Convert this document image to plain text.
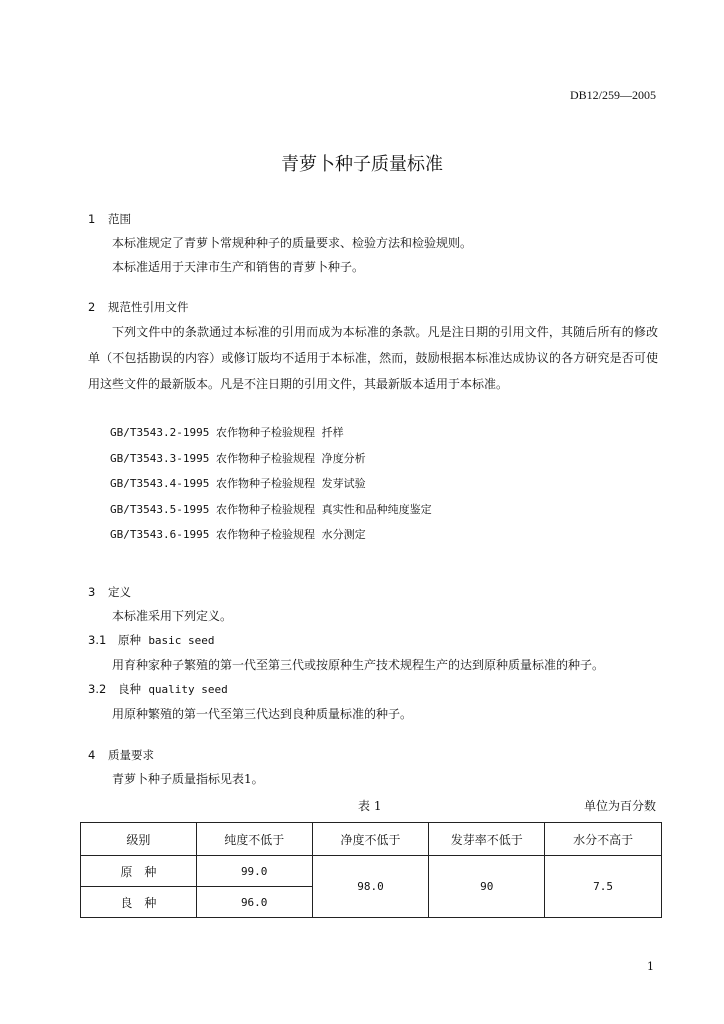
DB12/259—2005
青萝卜种子质量标准
1 范围
本标准规定了青萝卜常规种种子的质量要求、检验方法和检验规则。
本标准适用于天津市生产和销售的青萝卜种子。
2 规范性引用文件
下列文件中的条款通过本标准的引用而成为本标准的条款。凡是注日期的引用文件，其随后所有的修改单（不包括勘误的内容）或修订版均不适用于本标准，然而，鼓励根据本标准达成协议的各方研究是否可使用这些文件的最新版本。凡是不注日期的引用文件，其最新版本适用于本标准。
GB/T3543.2-1995 农作物种子检验规程 扦样
GB/T3543.3-1995 农作物种子检验规程 净度分析
GB/T3543.4-1995 农作物种子检验规程 发芽试验
GB/T3543.5-1995 农作物种子检验规程 真实性和品种纯度鉴定
GB/T3543.6-1995 农作物种子检验规程 水分测定
3 定义
本标准采用下列定义。
3.1 原种 basic seed
用育种家种子繁殖的第一代至第三代或按原种生产技术规程生产的达到原种质量标准的种子。
3.2 良种 quality seed
用原种繁殖的第一代至第三代达到良种质量标准的种子。
4 质量要求
青萝卜种子质量指标见表1。
表 1	单位为百分数
级别	纯度不低于	净度不低于	发芽率不低于	水分不高于
原　种	99.0	98.0	90	7.5
良　种	96.0			
1
